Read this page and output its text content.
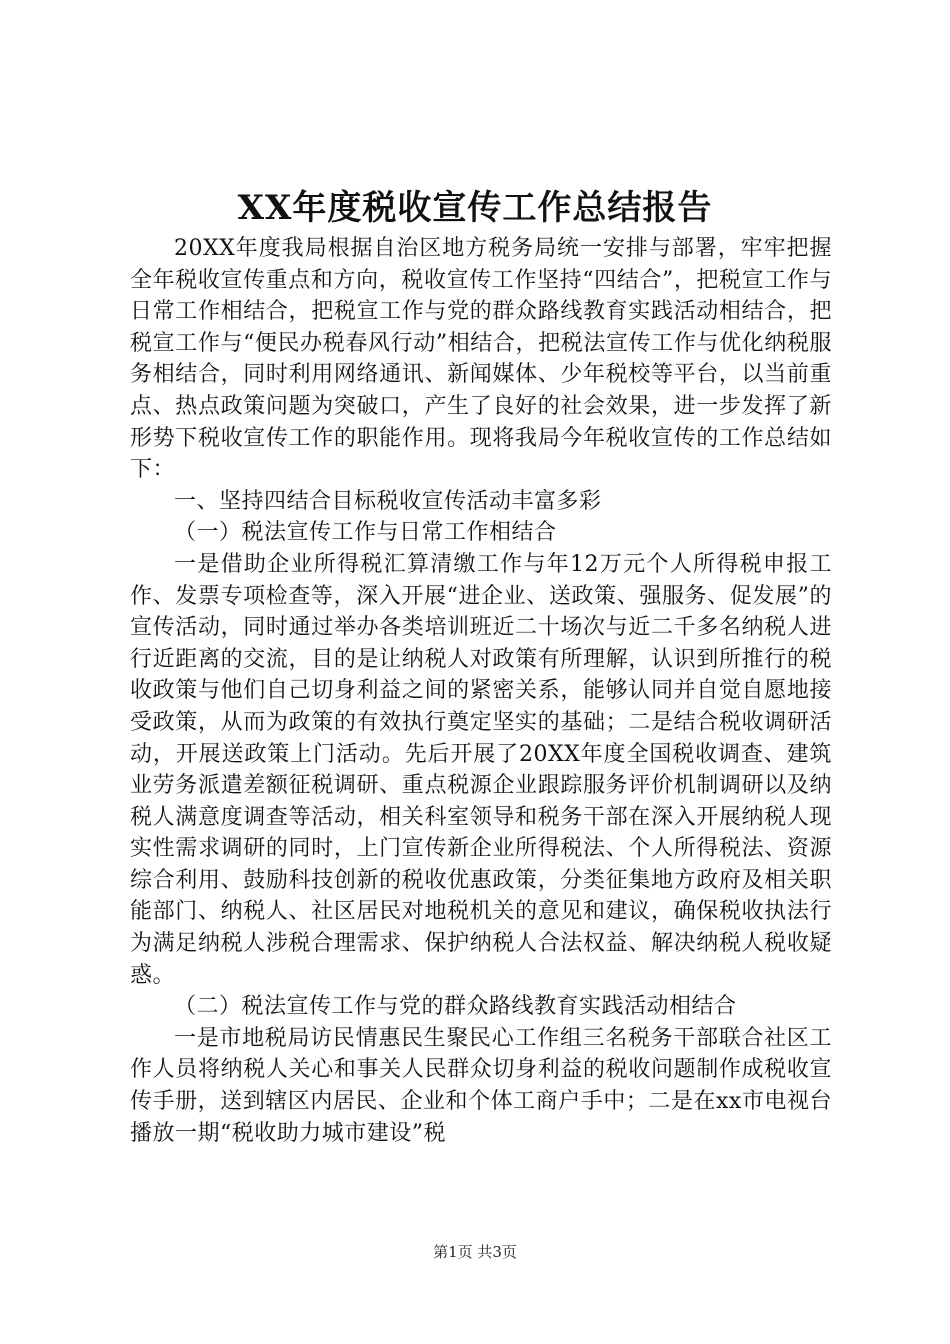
XX年度税收宣传工作总结报告

20XX年度我局根据自治区地方税务局统一安排与部署，牢牢把握全年税收宣传重点和方向，税收宣传工作坚持“四结合”，把税宣工作与日常工作相结合，把税宣工作与党的群众路线教育实践活动相结合，把税宣工作与“便民办税春风行动”相结合，把税法宣传工作与优化纳税服务相结合，同时利用网络通讯、新闻媒体、少年税校等平台，以当前重点、热点政策问题为突破口，产生了良好的社会效果，进一步发挥了新形势下税收宣传工作的职能作用。现将我局今年税收宣传的工作总结如下：

一、坚持四结合目标税收宣传活动丰富多彩

（一）税法宣传工作与日常工作相结合

一是借助企业所得税汇算清缴工作与年12万元个人所得税申报工作、发票专项检查等，深入开展“进企业、送政策、强服务、促发展”的宣传活动，同时通过举办各类培训班近二十场次与近二千多名纳税人进行近距离的交流，目的是让纳税人对政策有所理解，认识到所推行的税收政策与他们自己切身利益之间的紧密关系，能够认同并自觉自愿地接受政策，从而为政策的有效执行奠定坚实的基础；二是结合税收调研活动，开展送政策上门活动。先后开展了20XX年度全国税收调查、建筑业劳务派遣差额征税调研、重点税源企业跟踪服务评价机制调研以及纳税人满意度调查等活动，相关科室领导和税务干部在深入开展纳税人现实性需求调研的同时，上门宣传新企业所得税法、个人所得税法、资源综合利用、鼓励科技创新的税收优惠政策，分类征集地方政府及相关职能部门、纳税人、社区居民对地税机关的意见和建议，确保税收执法行为满足纳税人涉税合理需求、保护纳税人合法权益、解决纳税人税收疑惑。

（二）税法宣传工作与党的群众路线教育实践活动相结合

一是市地税局访民情惠民生聚民心工作组三名税务干部联合社区工作人员将纳税人关心和事关人民群众切身利益的税收问题制作成税收宣传手册，送到辖区内居民、企业和个体工商户手中；二是在xx市电视台播放一期“税收助力城市建设”税

第1页 共3页
